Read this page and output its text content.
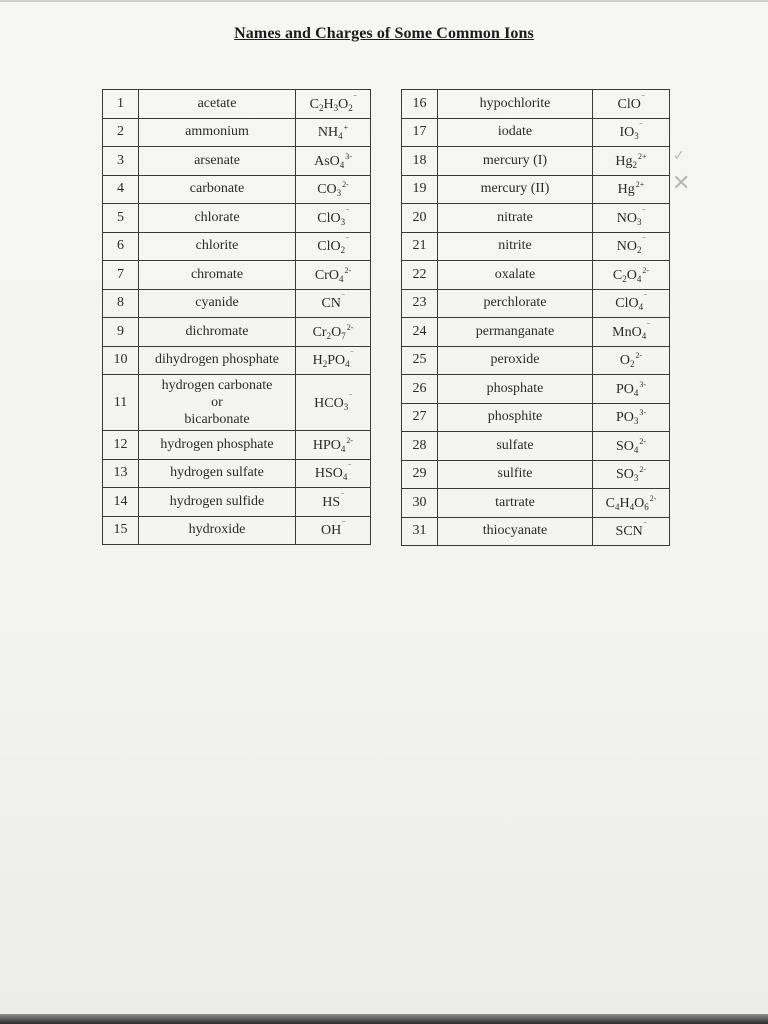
Names and Charges of Some Common Ions
1	acetate	$C_2H_3O_2^‾$
2	ammonium	$NH_4^+$
3	arsenate	AsO$_4^{3-}$
4	carbonate	$CO_3^{2-}$
5	chlorate	ClO$_3$‾
6	chlorite	ClO$_2$‾
7	chromate	CrO$_4^{2-}$
8	cyanide	CN‾
9	dichromate	$Cr_2O_7^{2-}$
10	dihydrogen phosphate	$H_2PO_4^‾$
11	hydrogen carbonate
or
bicarbonate	$HCO_3^‾$
12	hydrogen phosphate	$HPO_4^{2-}$
13	hydrogen sulfate	$HSO_4^‾$
14	hydrogen sulfide	HS‾
15	hydroxide	OH‾
16	hypochlorite	ClO‾
17	iodate	$IO_3^‾$
18	mercury (I)	$Hg_2^{2+}$
19	mercury (II)	$Hg^{2+}$
20	nitrate	$NO_3^‾$
21	nitrite	$NO_2^‾$
22	oxalate	$C_2O_4^{2-}$
23	perchlorate	ClO$_4$‾
24	permanganate	MnO$_4$‾
25	peroxide	$O_2^{2-}$
26	phosphate	$PO_4^{3-}$
27	phosphite	$PO_3^{3-}$
28	sulfate	$SO_4^{2-}$
29	sulfite	$SO_3^{2-}$
30	tartrate	$C_4H_4O_6^{2-}$
31	thiocyanate	SCN‾
✓
✕
